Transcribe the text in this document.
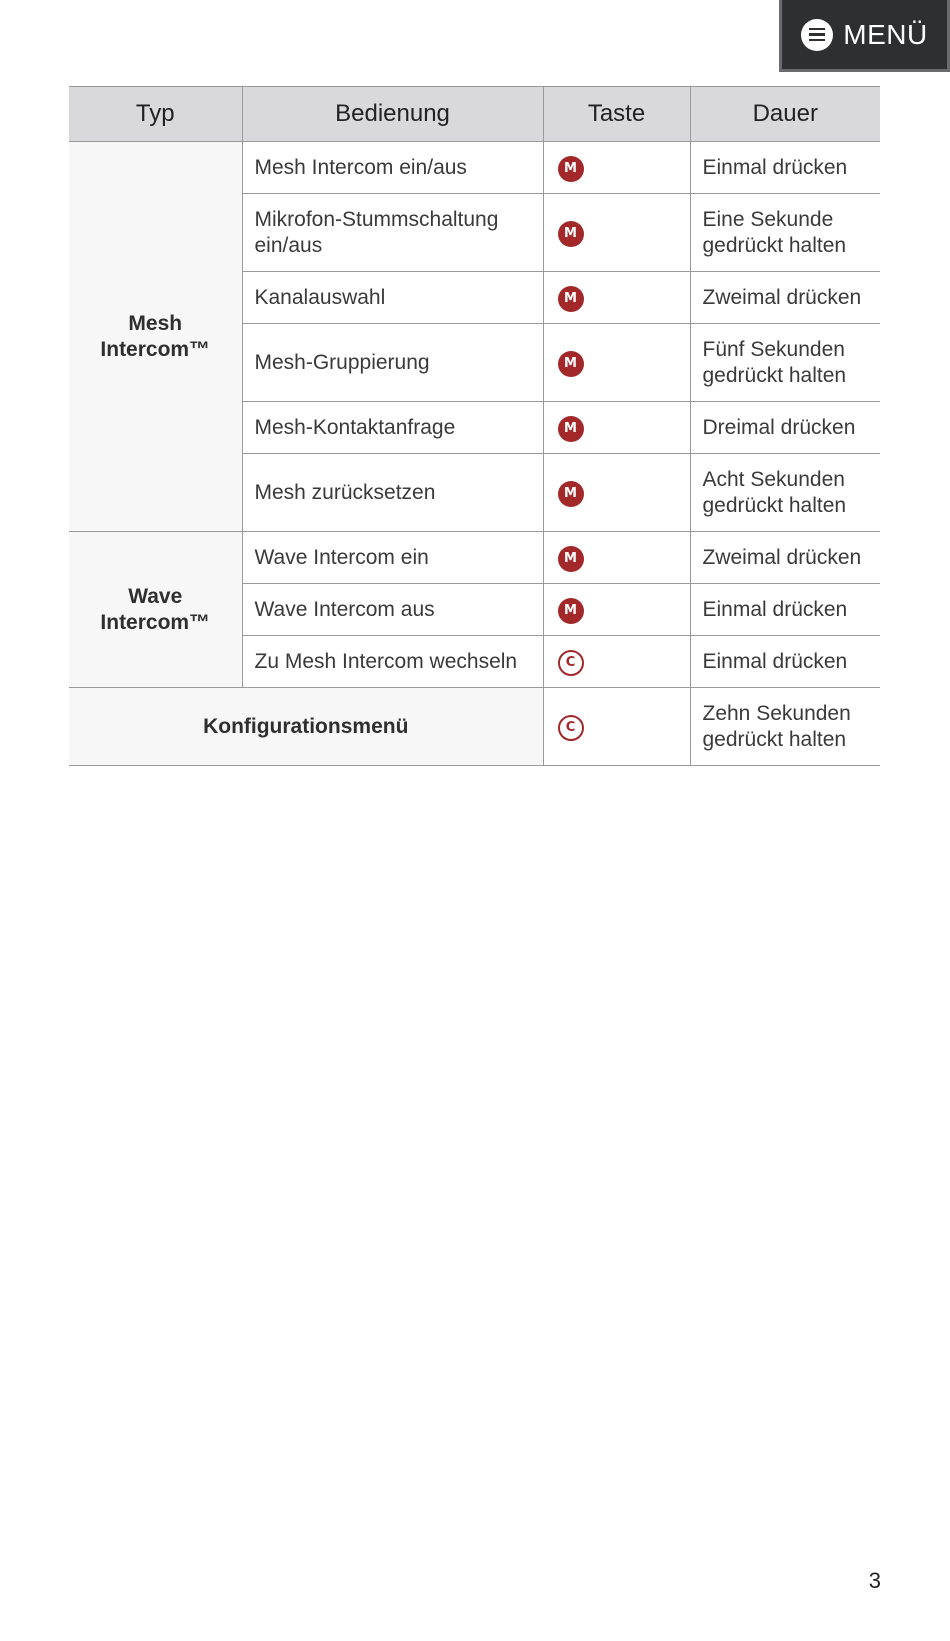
MENÜ
Typ	Bedienung	Taste	Dauer
Mesh Intercom™	Mesh Intercom ein/aus	M	Einmal drücken
	Mikrofon-Stummschaltung ein/aus	M	Eine Sekunde gedrückt halten
	Kanalauswahl	M	Zweimal drücken
	Mesh-Gruppierung	M	Fünf Sekunden gedrückt halten
	Mesh-Kontaktanfrage	M	Dreimal drücken
	Mesh zurücksetzen	M	Acht Sekunden gedrückt halten
Wave Intercom™	Wave Intercom ein	M	Zweimal drücken
	Wave Intercom aus	M	Einmal drücken
	Zu Mesh Intercom wechseln	C	Einmal drücken
Konfigurationsmenü		C	Zehn Sekunden gedrückt halten
3
